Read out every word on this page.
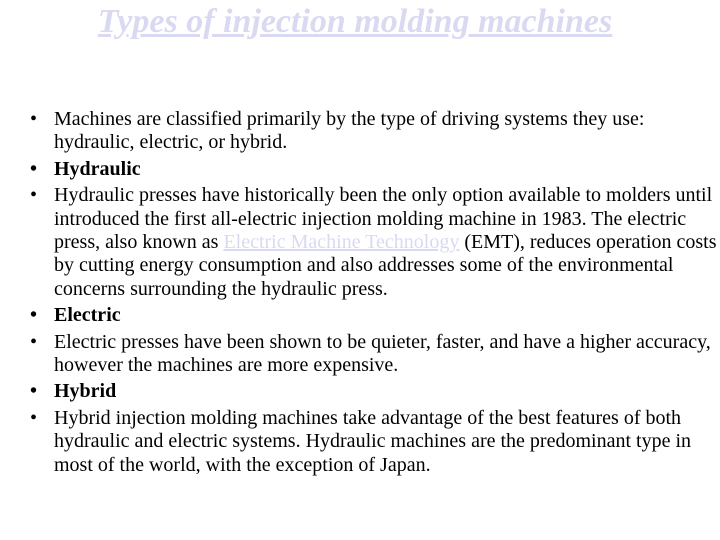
Types of injection molding machines
• Machines are classified primarily by the type of driving systems they use: hydraulic, electric, or hybrid.
• Hydraulic
• Hydraulic presses have historically been the only option available to molders until introduced the first all-electric injection molding machine in 1983. The electric press, also known as Electric Machine Technology (EMT), reduces operation costs by cutting energy consumption and also addresses some of the environmental concerns surrounding the hydraulic press.
• Electric
• Electric presses have been shown to be quieter, faster, and have a higher accuracy, however the machines are more expensive.
• Hybrid
• Hybrid injection molding machines take advantage of the best features of both hydraulic and electric systems. Hydraulic machines are the predominant type in most of the world, with the exception of Japan.
